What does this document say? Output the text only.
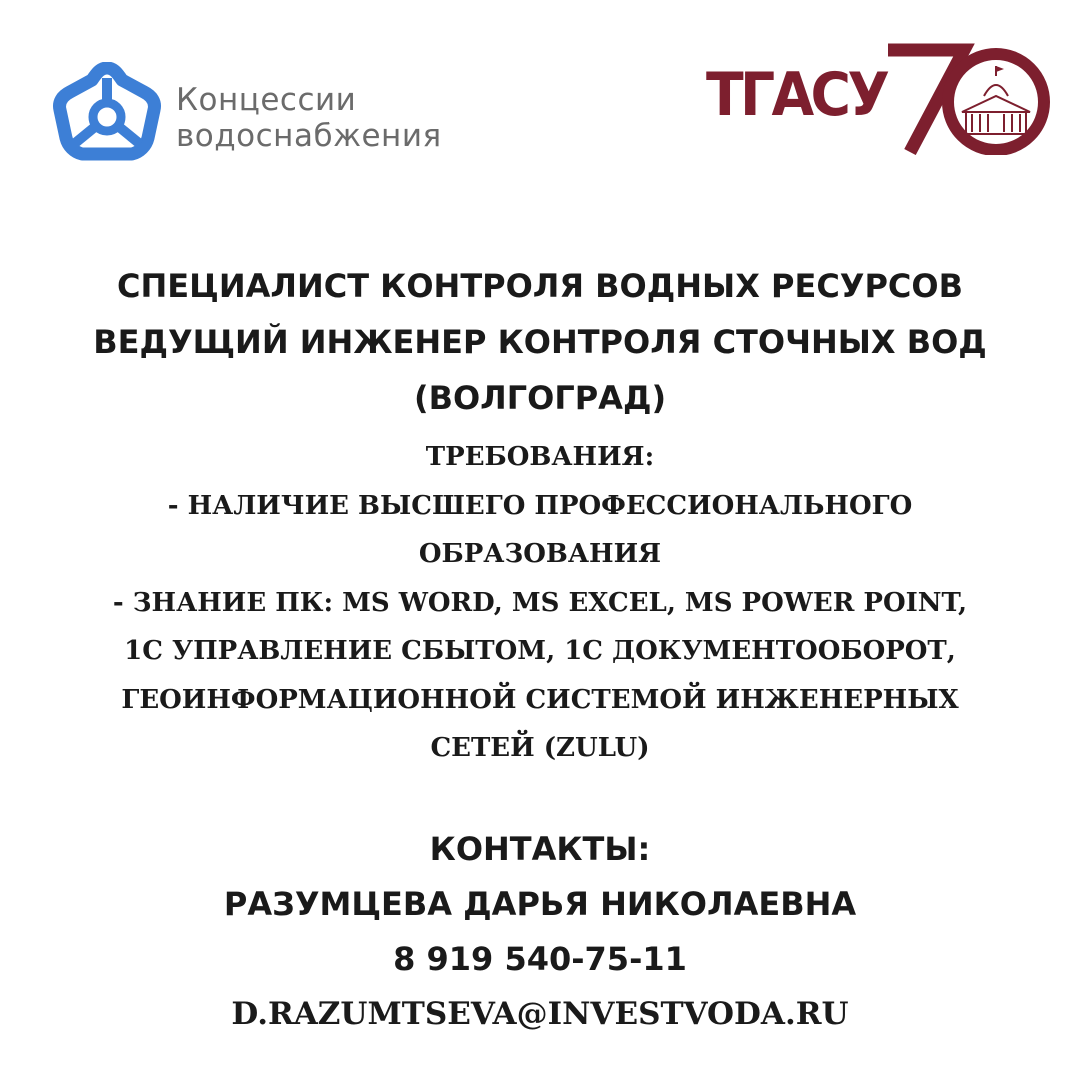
Концессии
водоснабжения
ТГАСУ
СПЕЦИАЛИСТ КОНТРОЛЯ ВОДНЫХ РЕСУРСОВ
ВЕДУЩИЙ ИНЖЕНЕР КОНТРОЛЯ СТОЧНЫХ ВОД
(ВОЛГОГРАД)
ТРЕБОВАНИЯ:
- НАЛИЧИЕ ВЫСШЕГО ПРОФЕССИОНАЛЬНОГО
ОБРАЗОВАНИЯ
- ЗНАНИЕ ПК: MS WORD, MS EXCEL, MS POWER POINT,
1С УПРАВЛЕНИЕ СБЫТОМ, 1С ДОКУМЕНТООБОРОТ,
ГЕОИНФОРМАЦИОННОЙ СИСТЕМОЙ ИНЖЕНЕРНЫХ
СЕТЕЙ (ZULU)
КОНТАКТЫ:
РАЗУМЦЕВА ДАРЬЯ НИКОЛАЕВНА
8 919 540-75-11
D.RAZUMTSEVA@INVESTVODA.RU
